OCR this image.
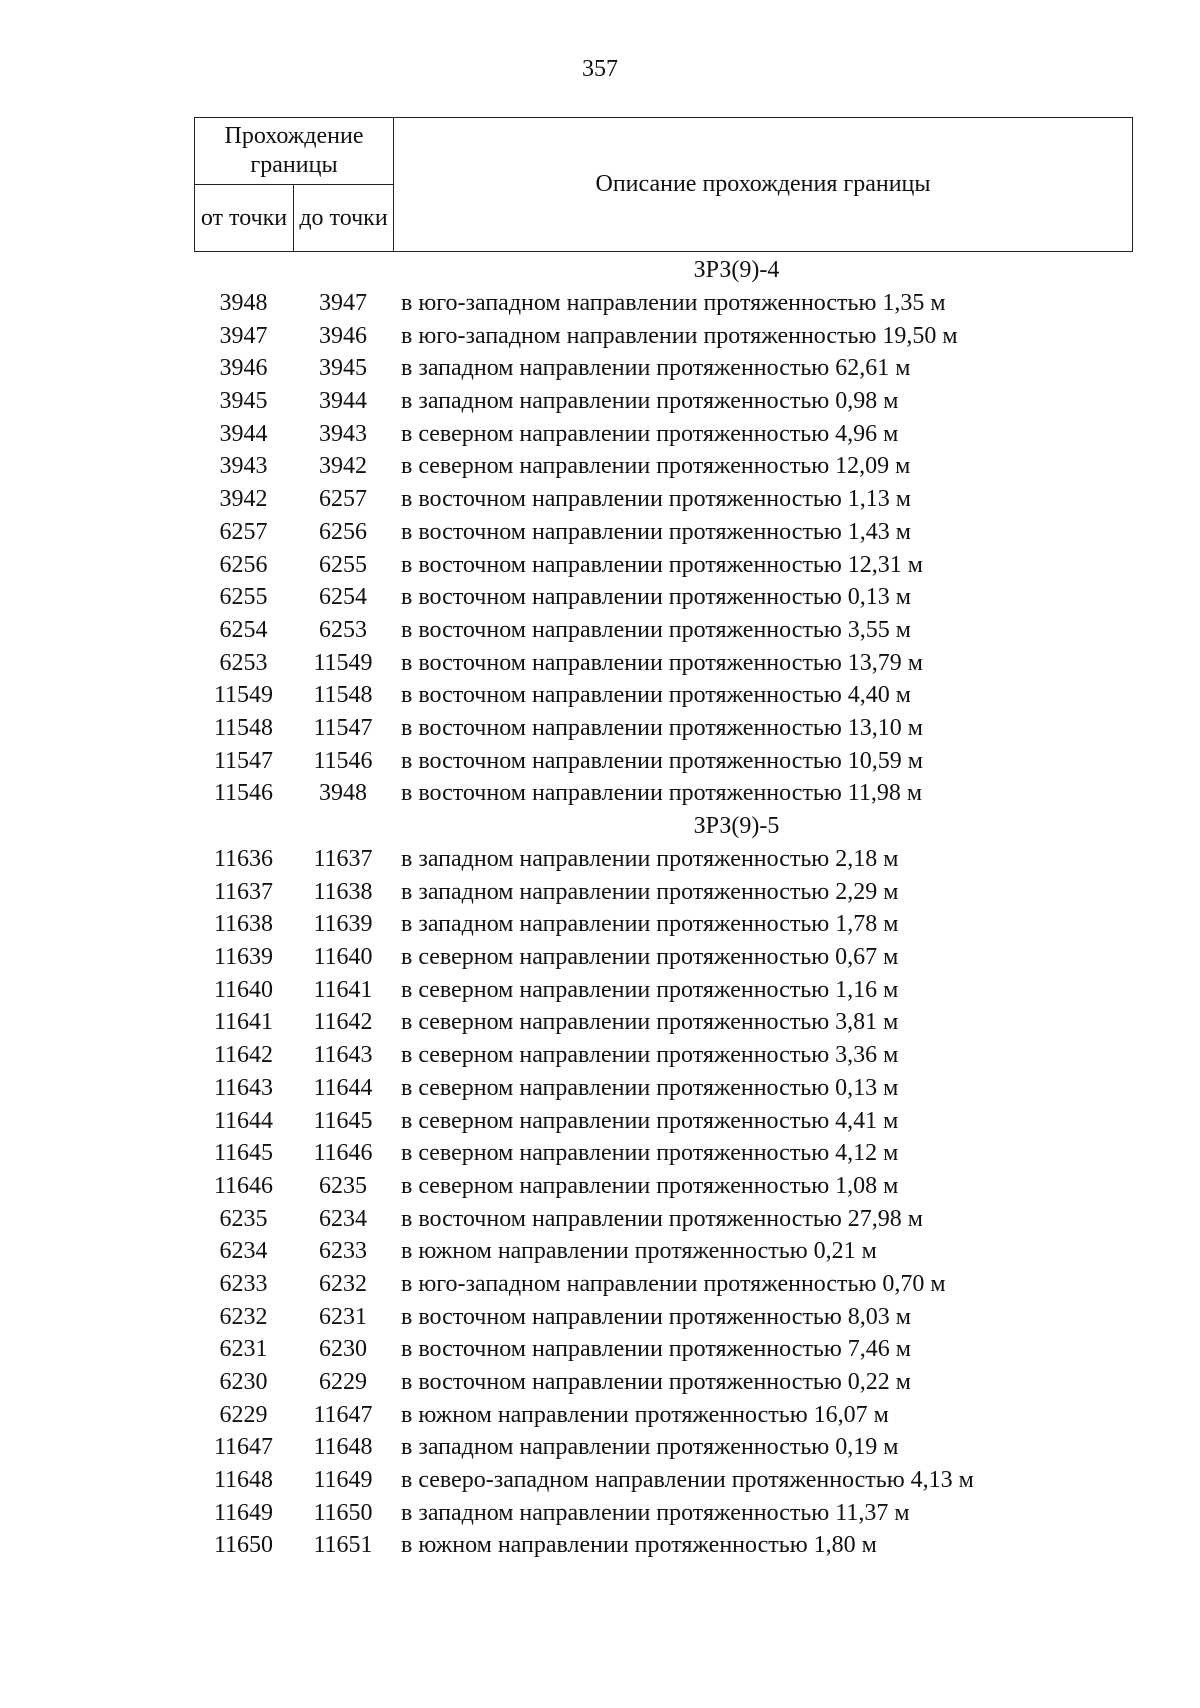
357
Прохождение границы		Описание прохождения границы
от точки	до точки	
ЗРЗ(9)-4
3948	3947	в юго-западном направлении протяженностью 1,35 м
3947	3946	в юго-западном направлении протяженностью 19,50 м
3946	3945	в западном направлении протяженностью 62,61 м
3945	3944	в западном направлении протяженностью 0,98 м
3944	3943	в северном направлении протяженностью 4,96 м
3943	3942	в северном направлении протяженностью 12,09 м
3942	6257	в восточном направлении протяженностью 1,13 м
6257	6256	в восточном направлении протяженностью 1,43 м
6256	6255	в восточном направлении протяженностью 12,31 м
6255	6254	в восточном направлении протяженностью 0,13 м
6254	6253	в восточном направлении протяженностью 3,55 м
6253	11549	в восточном направлении протяженностью 13,79 м
11549	11548	в восточном направлении протяженностью 4,40 м
11548	11547	в восточном направлении протяженностью 13,10 м
11547	11546	в восточном направлении протяженностью 10,59 м
11546	3948	в восточном направлении протяженностью 11,98 м
ЗРЗ(9)-5
11636	11637	в западном направлении протяженностью 2,18 м
11637	11638	в западном направлении протяженностью 2,29 м
11638	11639	в западном направлении протяженностью 1,78 м
11639	11640	в северном направлении протяженностью 0,67 м
11640	11641	в северном направлении протяженностью 1,16 м
11641	11642	в северном направлении протяженностью 3,81 м
11642	11643	в северном направлении протяженностью 3,36 м
11643	11644	в северном направлении протяженностью 0,13 м
11644	11645	в северном направлении протяженностью 4,41 м
11645	11646	в северном направлении протяженностью 4,12 м
11646	6235	в северном направлении протяженностью 1,08 м
6235	6234	в восточном направлении протяженностью 27,98 м
6234	6233	в южном направлении протяженностью 0,21 м
6233	6232	в юго-западном направлении протяженностью 0,70 м
6232	6231	в восточном направлении протяженностью 8,03 м
6231	6230	в восточном направлении протяженностью 7,46 м
6230	6229	в восточном направлении протяженностью 0,22 м
6229	11647	в южном направлении протяженностью 16,07 м
11647	11648	в западном направлении протяженностью 0,19 м
11648	11649	в северо-западном направлении протяженностью 4,13 м
11649	11650	в западном направлении протяженностью 11,37 м
11650	11651	в южном направлении протяженностью 1,80 м
